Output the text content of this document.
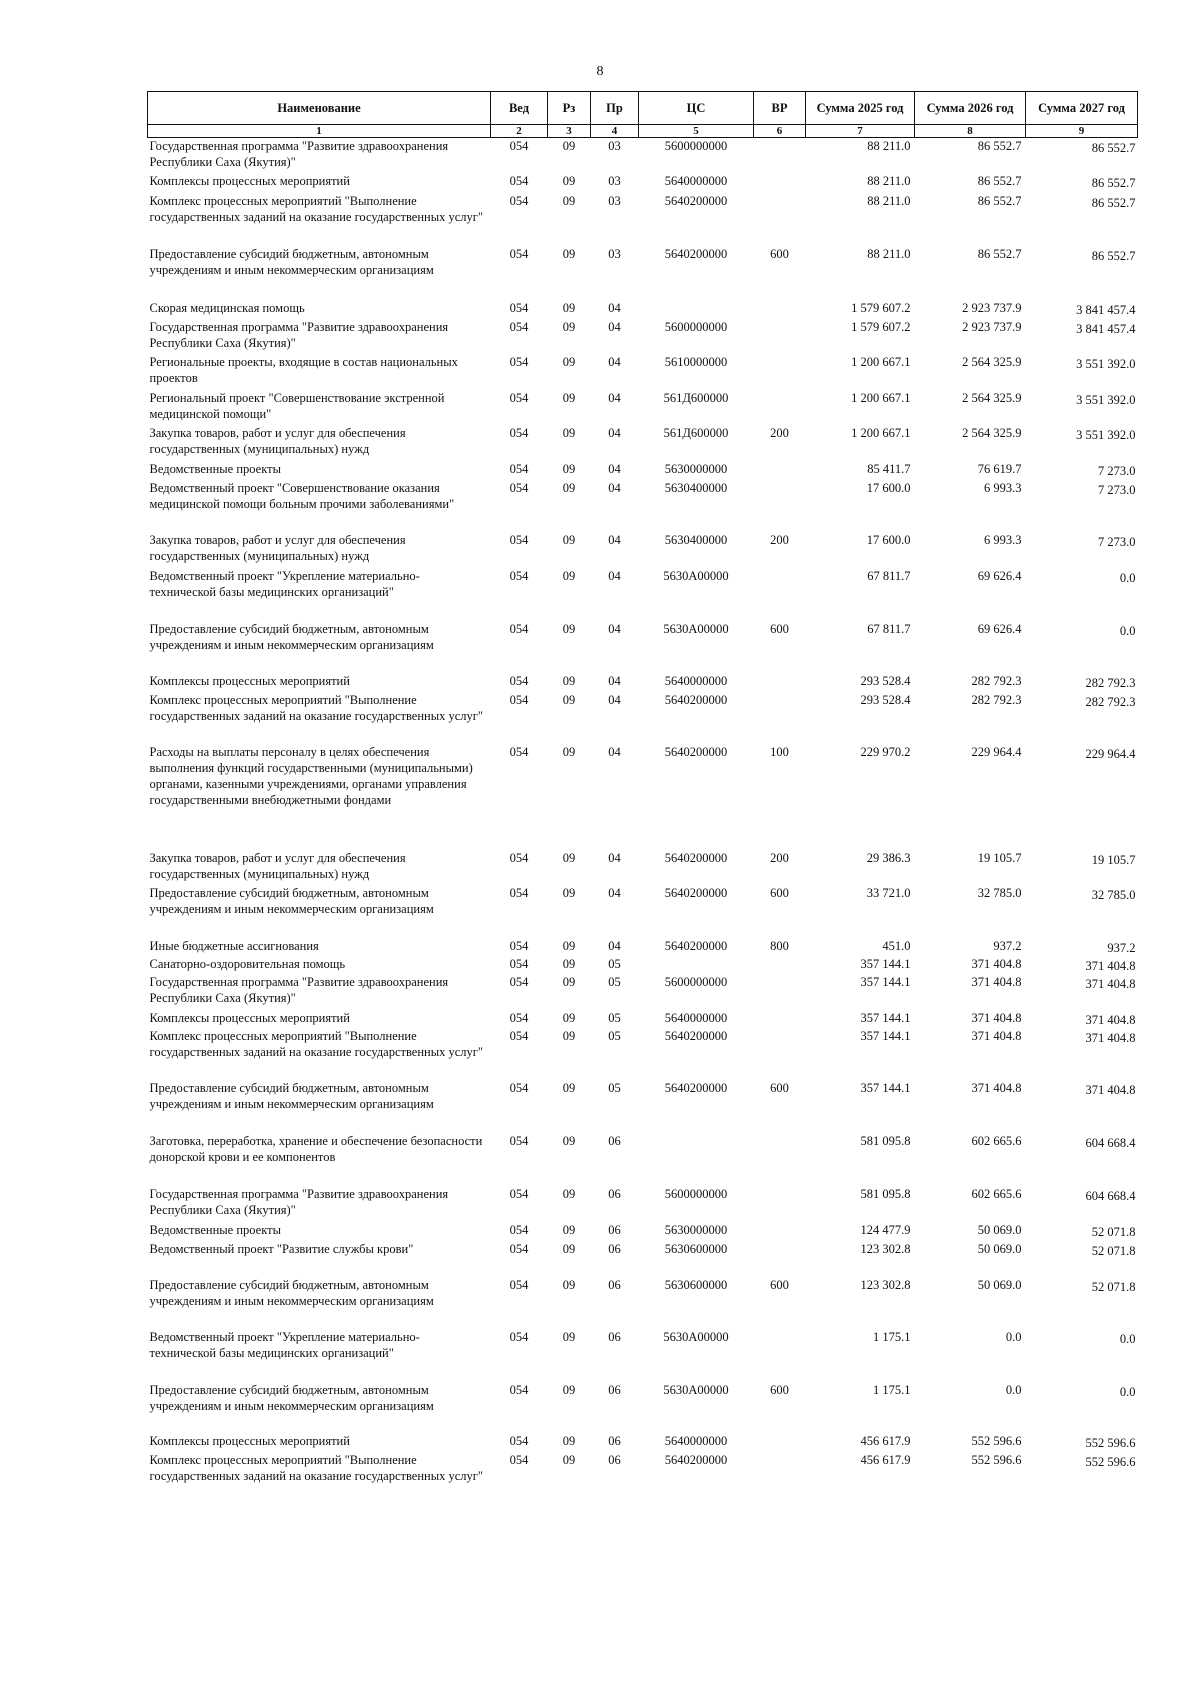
8
Наименование	Вед	Рз	Пр	ЦС	ВР	Сумма 2025 год	Сумма 2026 год	Сумма 2027 год
1	2	3	4	5	6	7	8	9
Государственная программа "Развитие здравоохранения Республики Саха (Якутия)"	054	09	03	5600000000		88 211.0	86 552.7	86 552.7
Комплексы процессных мероприятий	054	09	03	5640000000		88 211.0	86 552.7	86 552.7
Комплекс процессных мероприятий "Выполнение государственных заданий на оказание государственных услуг"	054	09	03	5640200000		88 211.0	86 552.7	86 552.7
Предоставление субсидий бюджетным, автономным учреждениям и иным некоммерческим организациям	054	09	03	5640200000	600	88 211.0	86 552.7	86 552.7
Скорая медицинская помощь	054	09	04			1 579 607.2	2 923 737.9	3 841 457.4
Государственная программа "Развитие здравоохранения Республики Саха (Якутия)"	054	09	04	5600000000		1 579 607.2	2 923 737.9	3 841 457.4
Региональные проекты, входящие в состав национальных проектов	054	09	04	5610000000		1 200 667.1	2 564 325.9	3 551 392.0
Региональный проект "Совершенствование экстренной медицинской помощи"	054	09	04	561Д600000		1 200 667.1	2 564 325.9	3 551 392.0
Закупка товаров, работ и услуг для обеспечения государственных (муниципальных) нужд	054	09	04	561Д600000	200	1 200 667.1	2 564 325.9	3 551 392.0
Ведомственные проекты	054	09	04	5630000000		85 411.7	76 619.7	7 273.0
Ведомственный проект "Совершенствование оказания медицинской помощи больным прочими заболеваниями"	054	09	04	5630400000		17 600.0	6 993.3	7 273.0
Закупка товаров, работ и услуг для обеспечения государственных (муниципальных) нужд	054	09	04	5630400000	200	17 600.0	6 993.3	7 273.0
Ведомственный проект "Укрепление материально-технической базы медицинских организаций"	054	09	04	5630А00000		67 811.7	69 626.4	0.0
Предоставление субсидий бюджетным, автономным учреждениям и иным некоммерческим организациям	054	09	04	5630А00000	600	67 811.7	69 626.4	0.0
Комплексы процессных мероприятий	054	09	04	5640000000		293 528.4	282 792.3	282 792.3
Комплекс процессных мероприятий "Выполнение государственных заданий на оказание государственных услуг"	054	09	04	5640200000		293 528.4	282 792.3	282 792.3
Расходы на выплаты персоналу в целях обеспечения выполнения функций государственными (муниципальными) органами, казенными учреждениями, органами управления государственными внебюджетными фондами	054	09	04	5640200000	100	229 970.2	229 964.4	229 964.4
Закупка товаров, работ и услуг для обеспечения государственных (муниципальных) нужд	054	09	04	5640200000	200	29 386.3	19 105.7	19 105.7
Предоставление субсидий бюджетным, автономным учреждениям и иным некоммерческим организациям	054	09	04	5640200000	600	33 721.0	32 785.0	32 785.0
Иные бюджетные ассигнования	054	09	04	5640200000	800	451.0	937.2	937.2
Санаторно-оздоровительная помощь	054	09	05			357 144.1	371 404.8	371 404.8
Государственная программа "Развитие здравоохранения Республики Саха (Якутия)"	054	09	05	5600000000		357 144.1	371 404.8	371 404.8
Комплексы процессных мероприятий	054	09	05	5640000000		357 144.1	371 404.8	371 404.8
Комплекс процессных мероприятий "Выполнение государственных заданий на оказание государственных услуг"	054	09	05	5640200000		357 144.1	371 404.8	371 404.8
Предоставление субсидий бюджетным, автономным учреждениям и иным некоммерческим организациям	054	09	05	5640200000	600	357 144.1	371 404.8	371 404.8
Заготовка, переработка, хранение и обеспечение безопасности донорской крови и ее компонентов	054	09	06			581 095.8	602 665.6	604 668.4
Государственная программа "Развитие здравоохранения Республики Саха (Якутия)"	054	09	06	5600000000		581 095.8	602 665.6	604 668.4
Ведомственные проекты	054	09	06	5630000000		124 477.9	50 069.0	52 071.8
Ведомственный проект "Развитие службы крови"	054	09	06	5630600000		123 302.8	50 069.0	52 071.8
Предоставление субсидий бюджетным, автономным учреждениям и иным некоммерческим организациям	054	09	06	5630600000	600	123 302.8	50 069.0	52 071.8
Ведомственный проект "Укрепление материально-технической базы медицинских организаций"	054	09	06	5630А00000		1 175.1	0.0	0.0
Предоставление субсидий бюджетным, автономным учреждениям и иным некоммерческим организациям	054	09	06	5630А00000	600	1 175.1	0.0	0.0
Комплексы процессных мероприятий	054	09	06	5640000000		456 617.9	552 596.6	552 596.6
Комплекс процессных мероприятий "Выполнение государственных заданий на оказание государственных услуг"	054	09	06	5640200000		456 617.9	552 596.6	552 596.6
